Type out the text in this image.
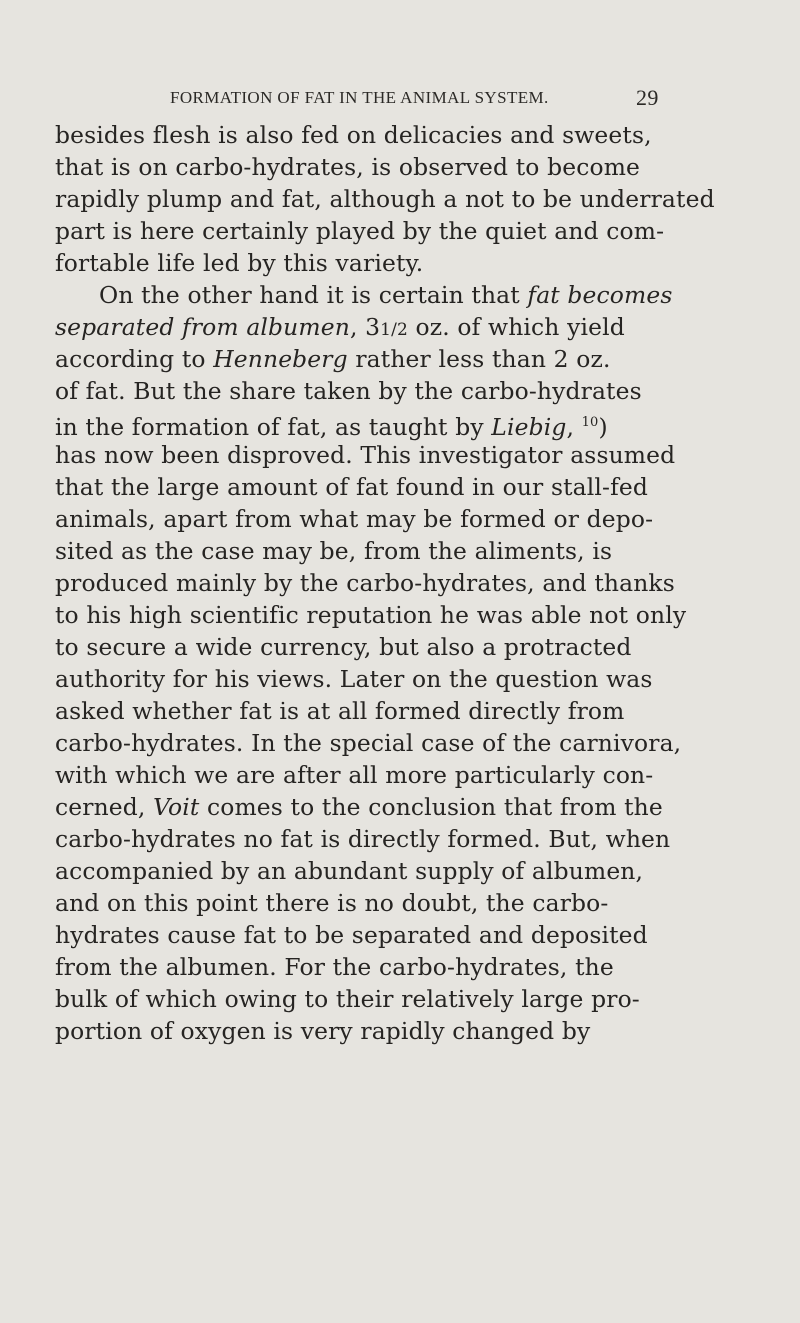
FORMATION OF FAT IN THE ANIMAL SYSTEM.	29
besides flesh is also fed on delicacies and sweets,
that is on carbo-hydrates, is observed to become
rapidly plump and fat, although a not to be underrated
part is here certainly played by the quiet and com-
fortable life led by this variety.
On the other hand it is certain that fat becomes
separated from albumen, 31/2 oz. of which yield
according to Henneberg rather less than 2 oz.
of fat. But the share taken by the carbo-hydrates
in the formation of fat, as taught by Liebig, $^{10}$)
has now been disproved. This investigator assumed
that the large amount of fat found in our stall-fed
animals, apart from what may be formed or depo-
sited as the case may be, from the aliments, is
produced mainly by the carbo-hydrates, and thanks
to his high scientific reputation he was able not only
to secure a wide currency, but also a protracted
authority for his views. Later on the question was
asked whether fat is at all formed directly from
carbo-hydrates. In the special case of the carnivora,
with which we are after all more particularly con-
cerned, Voit comes to the conclusion that from the
carbo-hydrates no fat is directly formed. But, when
accompanied by an abundant supply of albumen,
and on this point there is no doubt, the carbo-
hydrates cause fat to be separated and deposited
from the albumen. For the carbo-hydrates, the
bulk of which owing to their relatively large pro-
portion of oxygen is very rapidly changed by
